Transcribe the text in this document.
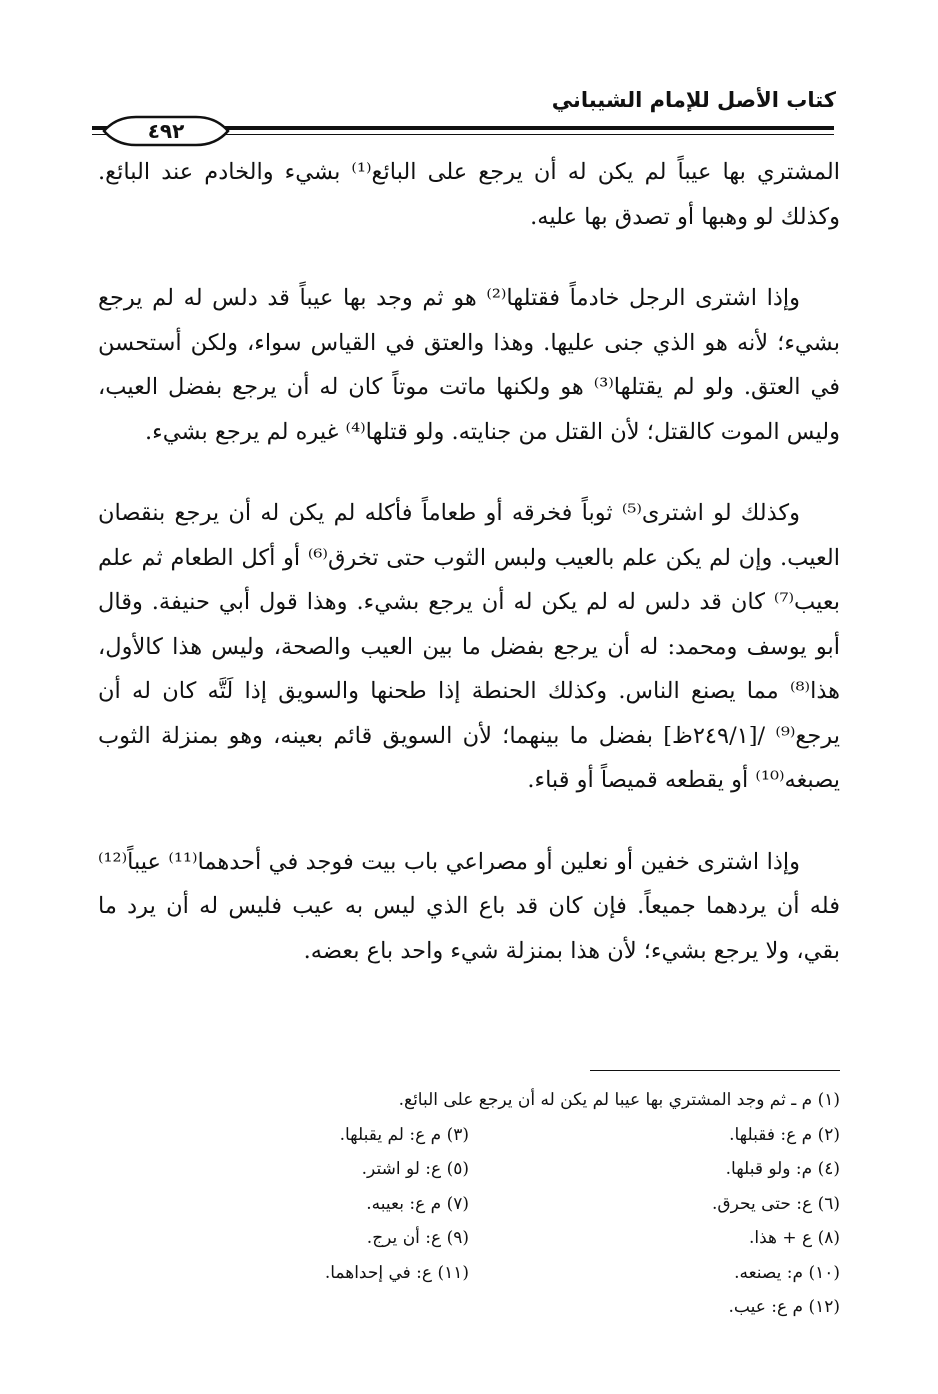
كتاب الأصل للإمام الشيباني
٤٩٢

المشتري بها عيباً لم يكن له أن يرجع على البائع⁽¹⁾ بشيء والخادم عند البائع. وكذلك لو وهبها أو تصدق بها عليه.

وإذا اشترى الرجل خادماً فقتلها⁽²⁾ هو ثم وجد بها عيباً قد دلس له لم يرجع بشيء؛ لأنه هو الذي جنى عليها. وهذا والعتق في القياس سواء، ولكن أستحسن في العتق. ولو لم يقتلها⁽³⁾ هو ولكنها ماتت موتاً كان له أن يرجع بفضل العيب، وليس الموت كالقتل؛ لأن القتل من جنايته. ولو قتلها⁽⁴⁾ غيره لم يرجع بشيء.

وكذلك لو اشترى⁽⁵⁾ ثوباً فخرقه أو طعاماً فأكله لم يكن له أن يرجع بنقصان العيب. وإن لم يكن علم بالعيب ولبس الثوب حتى تخرق⁽⁶⁾ أو أكل الطعام ثم علم بعيب⁽⁷⁾ كان قد دلس له لم يكن له أن يرجع بشيء. وهذا قول أبي حنيفة. وقال أبو يوسف ومحمد: له أن يرجع بفضل ما بين العيب والصحة، وليس هذا كالأول، هذا⁽⁸⁾ مما يصنع الناس. وكذلك الحنطة إذا طحنها والسويق إذا لَتَّه كان له أن يرجع⁽⁹⁾ /[٢٤٩/١ظ] بفضل ما بينهما؛ لأن السويق قائم بعينه، وهو بمنزلة الثوب يصبغه⁽¹⁰⁾ أو يقطعه قميصاً أو قباء.

وإذا اشترى خفين أو نعلين أو مصراعي باب بيت فوجد في أحدهما⁽¹¹⁾ عيباً⁽¹²⁾ فله أن يردهما جميعاً. فإن كان قد باع الذي ليس به عيب فليس له أن يرد ما بقي، ولا يرجع بشيء؛ لأن هذا بمنزلة شيء واحد باع بعضه.

(١) م ـ ثم وجد المشتري بها عيبا لم يكن له أن يرجع على البائع.
(٢) م ع: فقبلها.
(٣) م ع: لم يقبلها.
(٤) م: ولو قبلها.
(٥) ع: لو اشتر.
(٦) ع: حتى يحرق.
(٧) م ع: بعيبه.
(٨) ع + هذا.
(٩) ع: أن يرج.
(١٠) م: يصنعه.
(١١) ع: في إحداهما.
(١٢) م ع: عيب.
